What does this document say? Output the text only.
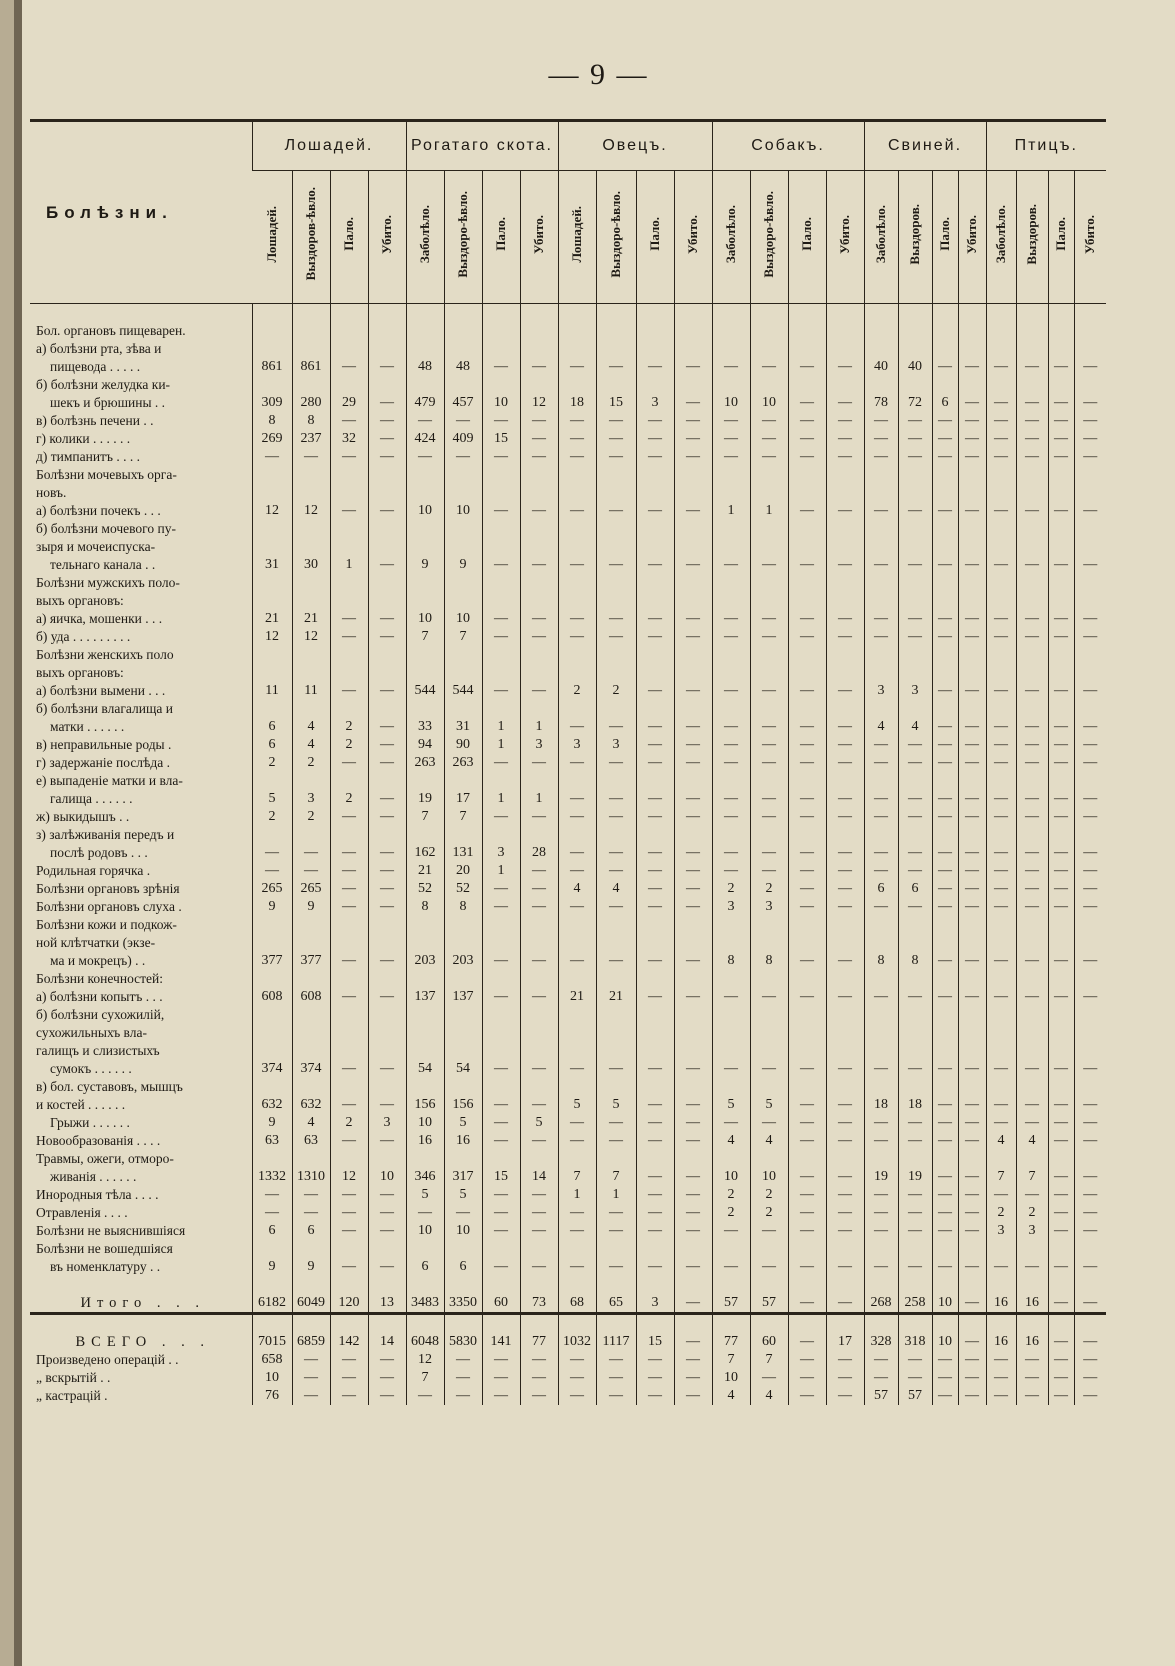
— 9 —
Болѣзни.	Лошадей.				Рогатаго скота.				Овецъ.				Собакъ.				Свиней.				Птицъ.			
	Лошадей.	Выздоров-ѣвло.	Пало.	Убито.	Заболѣло.	Выздоро-ѣвло.	Пало.	Убито.	Лошадей.	Выздоро-ѣвло.	Пало.	Убито.	Заболѣло.	Выздоро-ѣвло.	Пало.	Убито.	Заболѣло.	Выздоров.	Пало.	Убито.	Заболѣло.	Выздоров.	Пало.	Убито.

Бол. органовъ пищеварен.																								
а) болѣзни рта, зѣва и																								
пищевода . . . . .	861	861	—	—	48	48	—	—	—	—	—	—	—	—	—	—	40	40	—	—	—	—	—	—
б) болѣзни желудка ки-																								
шекъ и брюшины . .	309	280	29	—	479	457	10	12	18	15	3	—	10	10	—	—	78	72	6	—	—	—	—	—
в) болѣзнь печени . .	8	8	—	—	—	—	—	—	—	—	—	—	—	—	—	—	—	—	—	—	—	—	—	—
г) колики . . . . . .	269	237	32	—	424	409	15	—	—	—	—	—	—	—	—	—	—	—	—	—	—	—	—	—
д) тимпанитъ . . . .	—	—	—	—	—	—	—	—	—	—	—	—	—	—	—	—	—	—	—	—	—	—	—	—
Болѣзни мочевыхъ орга-																								
новъ.																								
а) болѣзни почекъ . . .	12	12	—	—	10	10	—	—	—	—	—	—	1	1	—	—	—	—	—	—	—	—	—	—
б) болѣзни мочевого пу-																								
зыря и мочеиспуска-																								
тельнаго канала . .	31	30	1	—	9	9	—	—	—	—	—	—	—	—	—	—	—	—	—	—	—	—	—	—
Болѣзни мужскихъ поло-																								
выхъ органовъ:																								
а) яичка, мошенки . . .	21	21	—	—	10	10	—	—	—	—	—	—	—	—	—	—	—	—	—	—	—	—	—	—
б) уда . . . . . . . . .	12	12	—	—	7	7	—	—	—	—	—	—	—	—	—	—	—	—	—	—	—	—	—	—
Болѣзни женскихъ поло																								
выхъ органовъ:																								
а) болѣзни вымени . . .	11	11	—	—	544	544	—	—	2	2	—	—	—	—	—	—	3	3	—	—	—	—	—	—
б) болѣзни влагалища и																								
матки . . . . . .	6	4	2	—	33	31	1	1	—	—	—	—	—	—	—	—	4	4	—	—	—	—	—	—
в) неправильные роды .	6	4	2	—	94	90	1	3	3	3	—	—	—	—	—	—	—	—	—	—	—	—	—	—
г) задержаніе послѣда .	2	2	—	—	263	263	—	—	—	—	—	—	—	—	—	—	—	—	—	—	—	—	—	—
е) выпаденіе матки и вла-																								
галища . . . . . .	5	3	2	—	19	17	1	1	—	—	—	—	—	—	—	—	—	—	—	—	—	—	—	—
ж) выкидышъ . .	2	2	—	—	7	7	—	—	—	—	—	—	—	—	—	—	—	—	—	—	—	—	—	—
з) залѣживанія передъ и																								
послѣ родовъ . . .	—	—	—	—	162	131	3	28	—	—	—	—	—	—	—	—	—	—	—	—	—	—	—	—
Родильная горячка .	—	—	—	—	21	20	1	—	—	—	—	—	—	—	—	—	—	—	—	—	—	—	—	—
Болѣзни органовъ зрѣнія	265	265	—	—	52	52	—	—	4	4	—	—	2	2	—	—	6	6	—	—	—	—	—	—
Болѣзни органовъ слуха .	9	9	—	—	8	8	—	—	—	—	—	—	3	3	—	—	—	—	—	—	—	—	—	—
Болѣзни кожи и подкож-																								
ной клѣтчатки (экзе-																								
ма и мокрецъ) . .	377	377	—	—	203	203	—	—	—	—	—	—	8	8	—	—	8	8	—	—	—	—	—	—
Болѣзни конечностей:																								
а) болѣзни копытъ . . .	608	608	—	—	137	137	—	—	21	21	—	—	—	—	—	—	—	—	—	—	—	—	—	—
б) болѣзни сухожилій,																								
сухожильныхъ вла-																								
галищъ и слизистыхъ																								
сумокъ . . . . . .	374	374	—	—	54	54	—	—	—	—	—	—	—	—	—	—	—	—	—	—	—	—	—	—
в) бол. суставовъ, мышцъ																								
и костей . . . . . .	632	632	—	—	156	156	—	—	5	5	—	—	5	5	—	—	18	18	—	—	—	—	—	—
Грыжи . . . . . .	9	4	2	3	10	5	—	5	—	—	—	—	—	—	—	—	—	—	—	—	—	—	—	—
Новообразованія . . . .	63	63	—	—	16	16	—	—	—	—	—	—	4	4	—	—	—	—	—	—	4	4	—	—
Травмы, ожеги, отморо-																								
живанія . . . . . .	1332	1310	12	10	346	317	15	14	7	7	—	—	10	10	—	—	19	19	—	—	7	7	—	—
Инородныя тѣла . . . .	—	—	—	—	5	5	—	—	1	1	—	—	2	2	—	—	—	—	—	—	—	—	—	—
Отравленія . . . .	—	—	—	—	—	—	—	—	—	—	—	—	2	2	—	—	—	—	—	—	2	2	—	—
Болѣзни не выяснившіяся	6	6	—	—	10	10	—	—	—	—	—	—	—	—	—	—	—	—	—	—	3	3	—	—
Болѣзни не вошедшіяся																								
въ номенклатуру . .	9	9	—	—	6	6	—	—	—	—	—	—	—	—	—	—	—	—	—	—	—	—	—	—

Итого . . .	6182	6049	120	13	3483	3350	60	73	68	65	3	—	57	57	—	—	268	258	10	—	16	16	—	—

ВСЕГО . . .	7015	6859	142	14	6048	5830	141	77	1032	1117	15	—	77	60	—	17	328	318	10	—	16	16	—	—
Произведено операцій . .	658	—	—	—	12	—	—	—	—	—	—	—	7	7	—	—	—	—	—	—	—	—	—	—
„ вскрытій . .	10	—	—	—	7	—	—	—	—	—	—	—	10	—	—	—	—	—	—	—	—	—	—	—
„ кастрацій .	76	—	—	—	—	—	—	—	—	—	—	—	4	4	—	—	57	57	—	—	—	—	—	—
